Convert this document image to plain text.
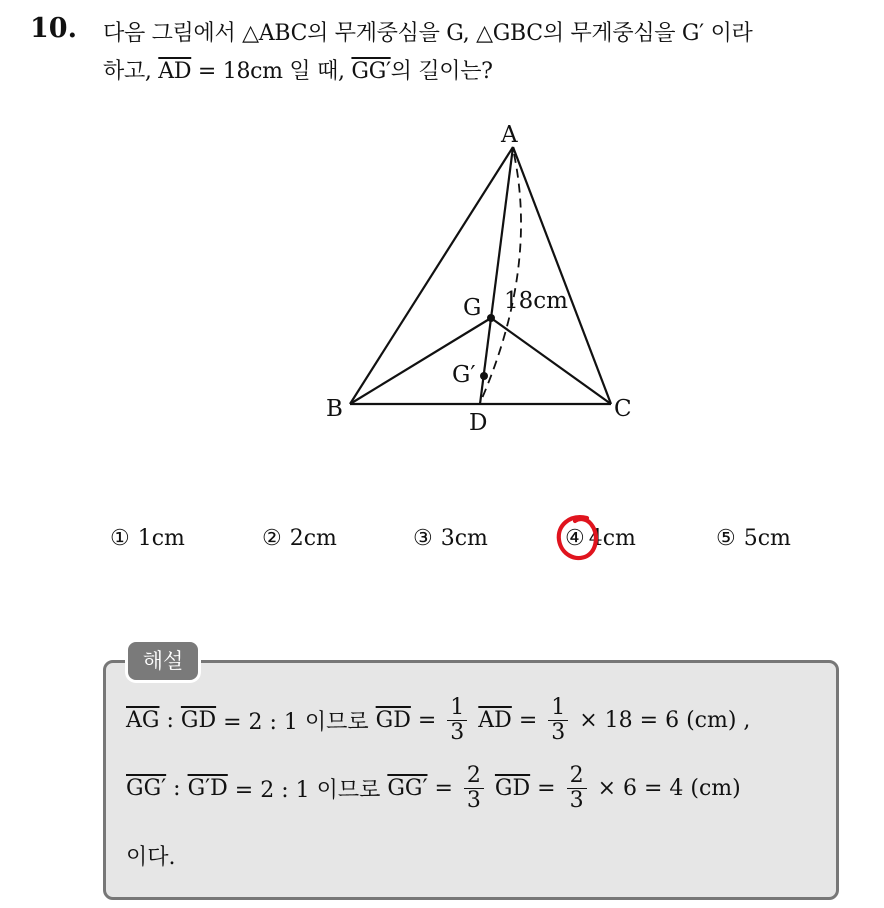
10. 다음 그림에서 △ABC의 무게중심을 G, △GBC의 무게중심을 G′ 이라
하고, $\overline{AD} = 18cm$ 일 때, GG′의 길이는?
A
B	C
D
G
G′
18cm
① 1cm	② 2cm	③ 3cm	④ 4cm	⑤ 5cm
해설
$\overline{AG}$ : $\overline{GD} = 2$ : 1 이므로 $\overline{GD} = \frac{1}{3} \overline{AD} = \frac{1}{3} \times 18 = 6$ (cm) ,
GG′ : G′D = 2 : 1 이므로 $GG' = \frac{2}{3} \overline{GD} = \frac{2}{3} \times 6 = 4$ (cm)
이다.
